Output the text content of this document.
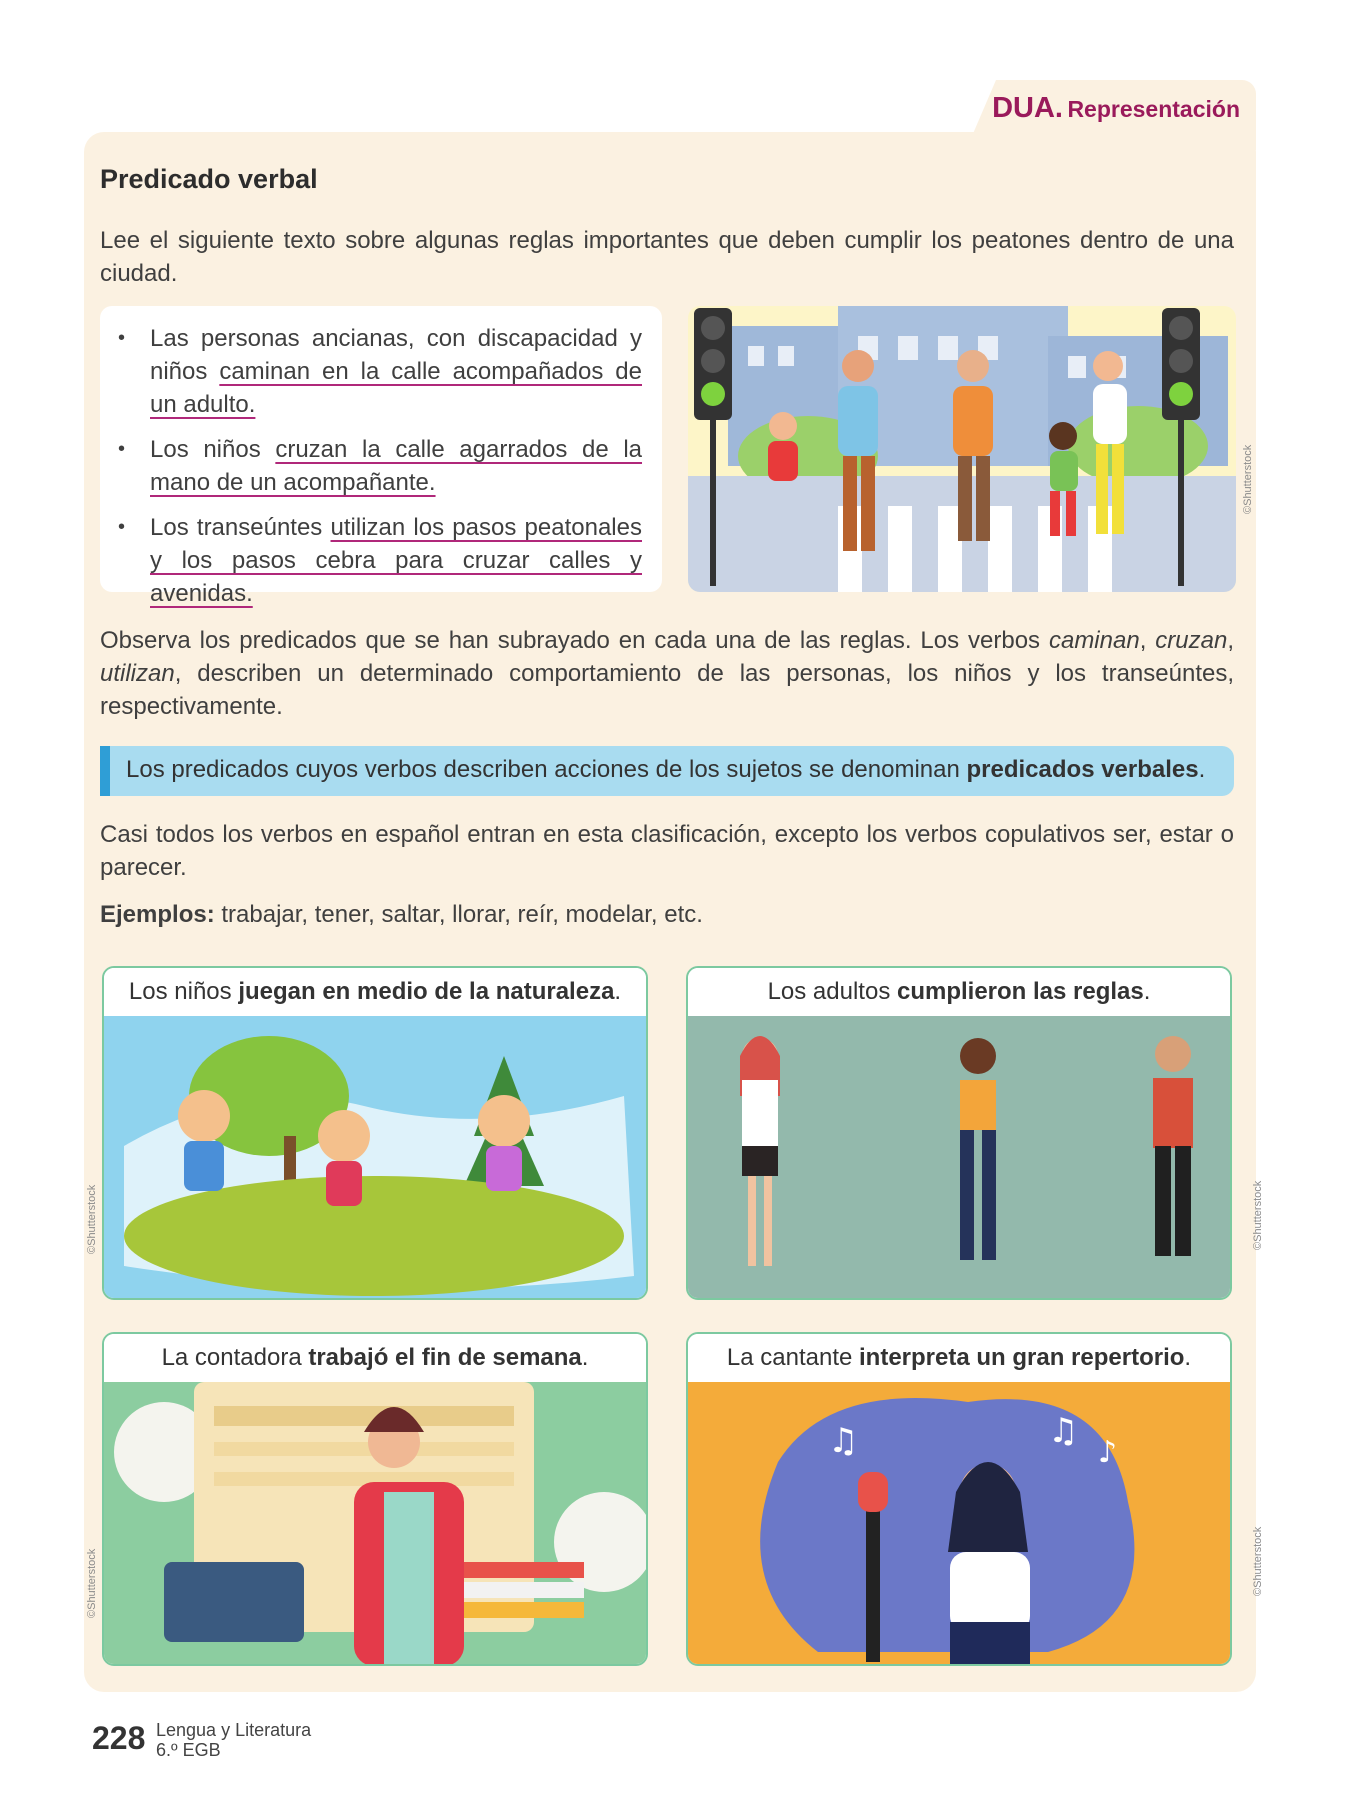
DUA. Representación
Predicado verbal

Lee el siguiente texto sobre algunas reglas importantes que deben cumplir los peatones dentro de una ciudad.

• Las personas ancianas, con discapacidad y niños caminan en la calle acompañados de un adulto.
• Los niños cruzan la calle agarrados de la mano de un acompañante.
• Los transeúntes utilizan los pasos peatonales y los pasos cebra para cruzar calles y avenidas.
©Shutterstock

Observa los predicados que se han subrayado en cada una de las reglas. Los verbos caminan, cruzan, utilizan, describen un determinado comportamiento de las personas, los niños y los transeúntes, respectivamente.

Los predicados cuyos verbos describen acciones de los sujetos se denominan predicados verbales.

Casi todos los verbos en español entran en esta clasificación, excepto los verbos copulativos ser, estar o parecer.

Ejemplos: trabajar, tener, saltar, llorar, reír, modelar, etc.

Los niños juegan en medio de la naturaleza.
©Shutterstock
Los adultos cumplieron las reglas.
©Shutterstock
La contadora trabajó el fin de semana.
©Shutterstock
La cantante interpreta un gran repertorio.
♫	♫
♪
©Shutterstock
228 Lengua y Literatura
6.º EGB
